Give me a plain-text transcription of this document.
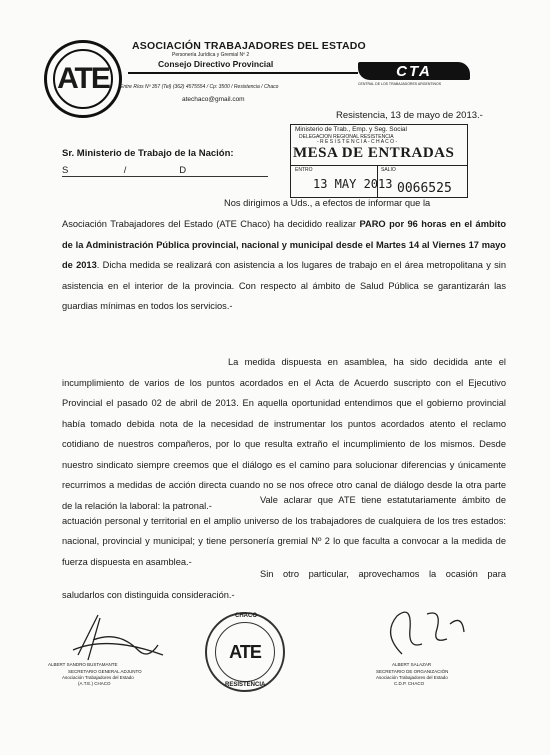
ATE
ASOCIACIÓN TRABAJADORES DEL ESTADO
Personería Jurídica y Gremial Nº 2
Consejo Directivo Provincial
Entre Ríos Nº 357 (Tel) (362) 4575554 / Cp: 3500 / Resistencia / Chaco
atechaco@gmail.com
CTA
CENTRAL DE LOS TRABAJADORES ARGENTINOS
Resistencia, 13 de mayo de 2013.-
Ministerio de Trab., Emp. y Seg. Social
DELEGACION REGIONAL RESISTENCIA
- R E S I S T E N C I A - C H A C O -
MESA DE ENTRADAS
ENTRO	SALIO
13 MAY 2013 0066525
Sr. Ministerio de Trabajo de la Nación:
S                     /                    D
Nos dirigimos a Uds., a efectos de informar que la

Asociación Trabajadores del Estado (ATE Chaco) ha decidido realizar PARO por 96 horas en el ámbito de la Administración Pública provincial, nacional y municipal desde el Martes 14 al Viernes 17 mayo de 2013. Dicha medida se realizará con asistencia a los lugares de trabajo en el área metropolitana y sin asistencia en el interior de la provincia. Con respecto al ámbito de Salud Pública se garantizarán las guardias mínimas en todos los servicios.-

La medida dispuesta en asamblea, ha sido decidida ante el incumplimiento de varios de los puntos acordados en el Acta de Acuerdo suscripto con el Ejecutivo Provincial el pasado 02 de abril de 2013. En aquella oportunidad entendimos que el gobierno provincial había tomado debida nota de la necesidad de instrumentar los puntos acordados atento el reclamo cotidiano de nuestros compañeros, por lo que resulta extraño el incumplimiento de los mismos. Desde nuestro sindicato siempre creemos que el diálogo es el camino para solucionar diferencias y únicamente recurrimos a medidas de acción directa cuando no se nos ofrece otro canal de diálogo desde la otra parte de la relación la laboral: la patronal.-

Vale aclarar que ATE tiene estatutariamente ámbito de actuación personal y territorial en el amplio universo de los trabajadores de cualquiera de los tres estados: nacional, provincial y municipal; y tiene personería gremial Nº 2 lo que faculta a convocar a la medida de fuerza dispuesta en asamblea.-

Sin otro particular, aprovechamos la ocasión para saludarlos con distinguida consideración.-

ALBERT SANDRO BUSTAMANTE
SECRETARIO GENERAL ADJUNTO
Asociación Trabajadores del Estado
(A.T.E.) CHACO
CHACO
ATE
RESISTENCIA
ALBERT SALAZAR
SECRETARIO DE ORGANIZACIÓN
Asociación Trabajadores del Estado
C.D.P. CHACO
